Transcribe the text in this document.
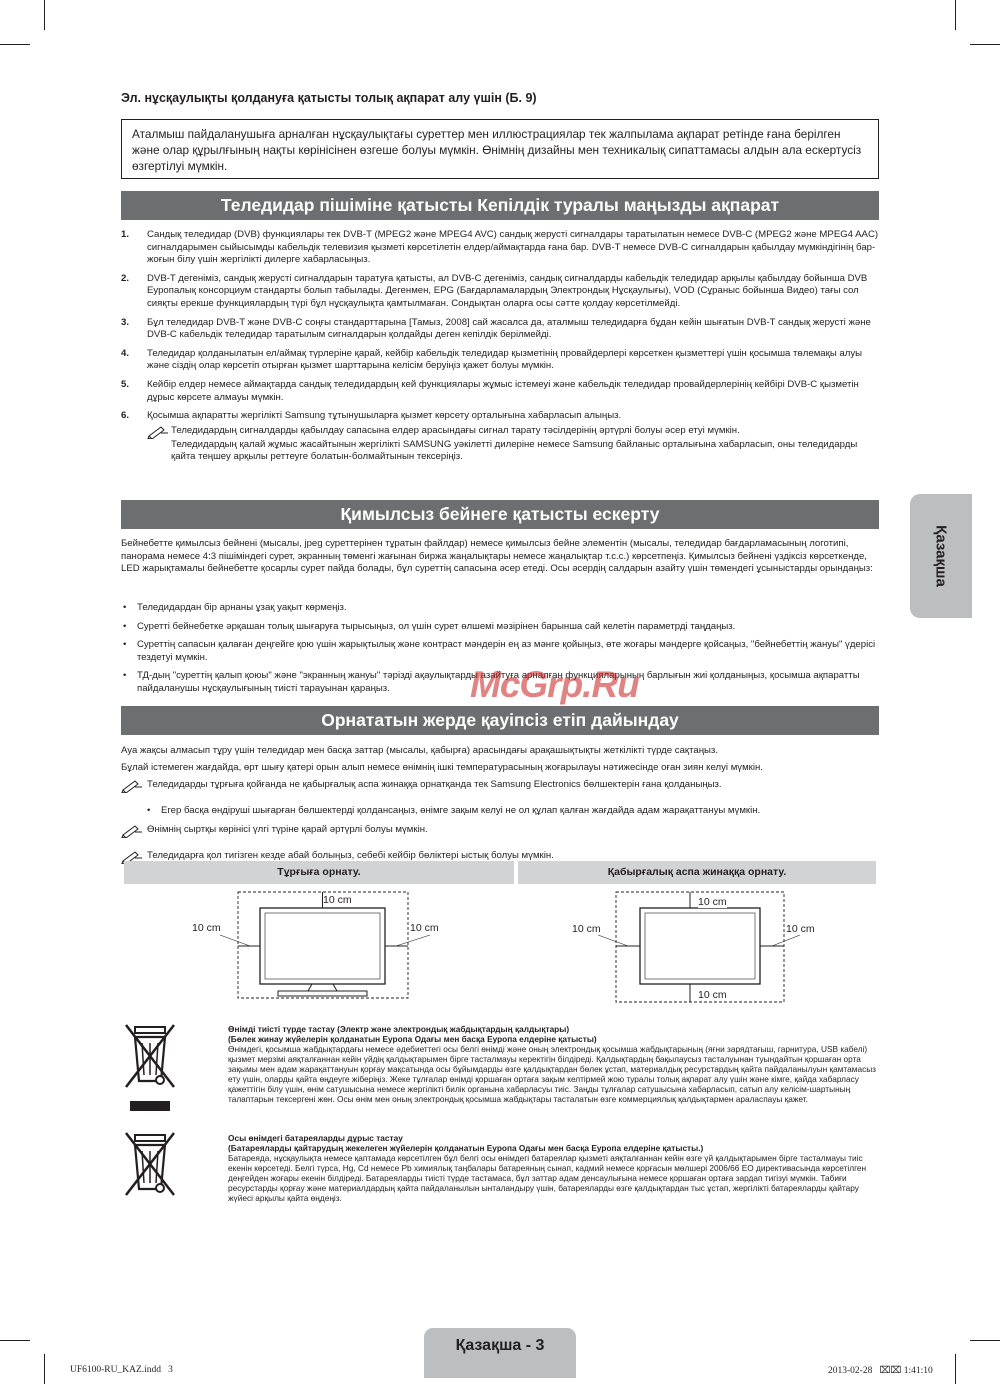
Эл. нұсқаулықты қолдануға қатысты толық ақпарат алу үшін (Б. 9)
Аталмыш пайдаланушыға арналған нұсқаулықтағы суреттер мен иллюстрациялар тек жалпылама ақпарат ретінде ғана берілген және олар құрылғының нақты көрінісінен өзгеше болуы мүмкін. Өнімнің дизайны мен техникалық сипаттамасы алдын ала ескертусіз өзгертілуі мүмкін.
Теледидар пішіміне қатысты Кепілдік туралы маңызды ақпарат
1.	Сандық теледидар (DVB) функциялары тек DVB-T (MPEG2 және MPEG4 AVC) сандық жерусті сигналдары таратылатын немесе DVB-C (MPEG2 және MPEG4 AAC) сигналдарымен сыйысымды кабельдік телевизия қызметі көрсетілетін елдер/аймақтарда ғана бар. DVB-T немесе DVB-C сигналдарын қабылдау мүмкіндігінің бар-жоғын білу үшін жергілікті дилерге хабарласыңыз.
2.	DVB-T дегеніміз, сандық жерусті сигналдарын таратуға қатысты, ал DVB-C дегеніміз, сандық сигналдарды кабельдік теледидар арқылы қабылдау бойынша DVB Еуропалық консорциум стандарты болып табылады. Дегенмен, EPG (Бағдарламалардың Электрондық Нұсқаулығы), VOD (Сұраныс бойынша Видео) тағы сол сияқты ерекше функциялардың түрі бұл нұсқаулықта қамтылмаған. Сондықтан оларға осы сәтте қолдау көрсетілмейді.
3.	Бұл теледидар DVB-T және DVB-C соңғы стандарттарына [Тамыз, 2008] сай жасалса да, аталмыш теледидарға бұдан кейін шығатын DVB-T сандық жерусті және DVB-C кабельдік теледидар таратылым сигналдарын қолдайды деген кепілдік берілмейді.
4.	Теледидар қолданылатын ел/аймақ түрлеріне қарай, кейбір кабельдік теледидар қызметінің провайдерлері көрсеткен қызметтері үшін қосымша төлемақы алуы және сіздің олар көрсетіп отырған қызмет шарттарына келісім беруіңіз қажет болуы мүмкін.
5.	Кейбір елдер немесе аймақтарда сандық теледидардың кей функциялары жұмыс істемеуі және кабельдік теледидар провайдерлерінің кейбірі DVB-C қызметін дұрыс көрсете алмауы мүмкін.
6.	Қосымша ақпаратты жергілікті Samsung тұтынушыларға қызмет көрсету орталығына хабарласып алыңыз.
Теледидардың сигналдарды қабылдау сапасына елдер арасындағы сигнал тарату тәсілдерінің әртүрлі болуы әсер етуі мүмкін.
Теледидардың қалай жұмыс жасайтынын жергілікті SAMSUNG уәкілетті дилеріне немесе Samsung байланыс орталығына хабарласып, оны теледидарды қайта теңшеу арқылы реттеуге болатын-болмайтынын тексеріңіз.
Қимылсыз бейнеге қатысты ескерту
Бейнебетте қимылсыз бейнені (мысалы, jpeg суреттерінен тұратын файлдар) немесе қимылсыз бейне элементін (мысалы, теледидар бағдарламасының логотипі, панорама немесе 4:3 пішіміндегі сурет, экранның төменгі жағынан биржа жаңалықтары немесе жаңалықтар т.с.с.) көрсетпеңіз. Қимылсыз бейнені үздіксіз көрсеткенде, LED жарықтамалы бейнебетте қосарлы сурет пайда болады, бұл суреттің сапасына әсер етеді. Осы әсердің салдарын азайту үшін төмендегі ұсыныстарды орындаңыз:
•	Теледидардан бір арнаны ұзақ уақыт көрмеңіз.
•	Суретті бейнебетке әрқашан толық шығаруға тырысыңыз, ол үшін сурет өлшемі мәзірінен барынша сай келетін параметрді таңдаңыз.
•	Суреттің сапасын қалаған деңгейге қою үшін жарықтылық және контраст мәндерін ең аз мәнге қойыңыз, өте жоғары мәндерге қойсаңыз, "бейнебеттің жануы" үдерісі тездетуі мүмкін.
•	ТД-дың "суреттің қалып қоюы" және "экранның жануы" тәрізді ақаулықтарды азайтуға арналған функцияларының барлығын жиі қолданыңыз, қосымша ақпаратты пайдаланушы нұсқаулығының тиісті тарауынан қараңыз.
Орнататын жерде қауіпсіз етіп дайындау
Ауа жақсы алмасып тұру үшін теледидар мен басқа заттар (мысалы, қабырға) арасындағы арақашықтықты жеткілікті түрде сақтаңыз.
Бұлай істемеген жағдайда, өрт шығу қатері орын алып немесе өнімнің ішкі температурасының жоғарылауы нәтижесінде оған зиян келуі мүмкін.
Теледидарды тұрғыға қойғанда не қабырғалық аспа жинаққа орнатқанда тек Samsung Electronics бөлшектерін ғана қолданыңыз.
•	Егер басқа өндіруші шығарған бөлшектерді қолдансаңыз, өнімге зақым келуі не ол құлап қалған жағдайда адам жарақаттануы мүмкін.
Өнімнің сыртқы көрінісі үлгі түріне қарай әртүрлі болуы мүмкін.
Теледидарға қол тигізген кезде абай болыңыз, себебі кейбір бөліктері ыстық болуы мүмкін.
Тұрғыға орнату.	Қабырғалық аспа жинаққа орнату.
10 cm
10 cm	10 cm
10 cm
10 cm	10 cm
10 cm
Өнімді тиісті түрде тастау (Электр және электрондық жабдықтардың қалдықтары)
(Бөлек жинау жүйелерін қолданатын Еуропа Одағы мен басқа Еуропа елдеріне қатысты)
Өнімдегі, қосымша жабдықтардағы немесе әдебиеттегі осы белгі өнімді және оның электрондық қосымша жабдықтарының (яғни зарядтағыш, гарнитура, USB кабелі) қызмет мерзімі аяқталғаннан кейін үйдің қалдықтарымен бірге тасталмауы керектігін білдіреді. Қалдықтардың бақылаусыз тасталуынан туындайтын қоршаған орта зақымы мен адам жарақаттануын қорғау мақсатында осы бұйымдарды өзге қалдықтардан бөлек ұстап, материалдық ресурстардың қайта пайдаланылуын қамтамасыз ету үшін, оларды қайта өңдеуге жіберіңіз. Жеке тұлғалар өнімді қоршаған ортаға зақым келтірмей жою туралы толық ақпарат алу үшін және кімге, қайда хабарласу қажеттігін білу үшін, өнім сатушысына немесе жергілікті билік органына хабарласуы тиіс. Заңды тұлғалар сатушысына хабарласып, сатып алу келісім-шартының талаптарын тексергені жөн. Осы өнім мен оның электрондық қосымша жабдықтары тасталатын өзге коммерциялық қалдықтармен араласпауы қажет.
Осы өнімдегі батареяларды дұрыс тастау
(Батареяларды қайтарудың жекелеген жүйелерін қолданатын Еуропа Одағы мен басқа Еуропа елдеріне қатысты.)
Батареяда, нұсқаулықта немесе қаптамада көрсетілген бұл белгі осы өнімдегі батареялар қызметі аяқталғаннан кейін өзге үй қалдықтарымен бірге тасталмауы тиіс екенін көрсетеді. Белгі түрса, Hg, Cd немесе Pb химиялық таңбалары батареяның сынап, кадмий немесе қорғасын мөлшері 2006/66 ЕО директивасында көрсетілген деңгейден жоғары екенін білдіреді. Батареяларды тиісті түрде тастамаса, бұл заттар адам денсаулығына немесе қоршаған ортаға зардап тигізуі мүмкін. Табиғи ресурстарды қорғау және материалдардың қайта пайдаланылын ынталандыру үшін, батареяларды өзге қалдықтардан тыс ұстап, жергілікті батареяларды қайтару жүйесі арқылы қайта өңдеңіз.
Қазақша
Қазақша - 3
UF6100-RU_KAZ.indd   3	2013-02-28   ⌧⌧ 1:41:10
McGrp.Ru
